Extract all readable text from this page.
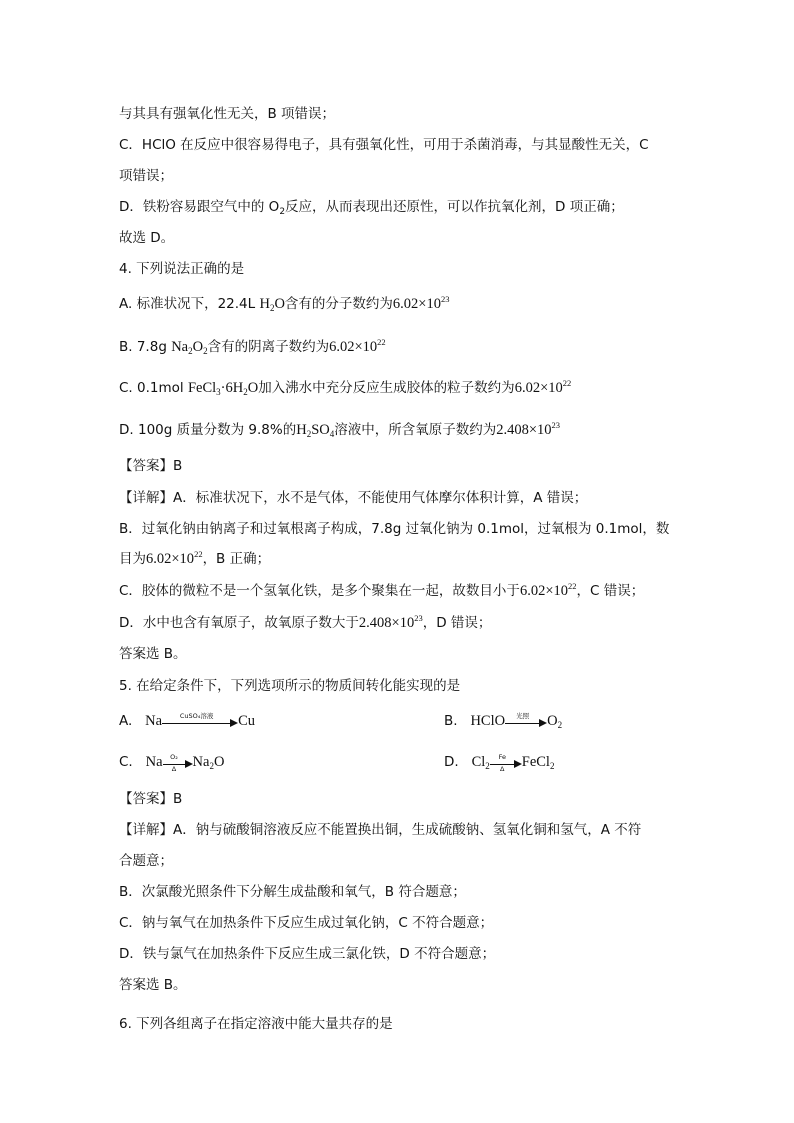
与其具有强氧化性无关，B 项错误；
C．HClO 在反应中很容易得电子，具有强氧化性，可用于杀菌消毒，与其显酸性无关，C
项错误；
D．铁粉容易跟空气中的 $O_2$反应，从而表现出还原性，可以作抗氧化剂，D 项正确；
故选 D。
4. 下列说法正确的是
A. 标准状况下，22.4L $H_2O$含有的分子数约为$6.02\times 10^{23}$
B. 7.8g $Na_2O_2$含有的阴离子数约为$6.02\times 10^{22}$
C. 0.1mol $FeCl_3\cdot 6H_2O$加入沸水中充分反应生成胶体的粒子数约为$6.02\times 10^{22}$
D. 100g 质量分数为 9.8%的$H_2SO_4$溶液中，所含氧原子数约为$2.408\times 10^{23}$
【答案】B
【详解】A．标准状况下，水不是气体，不能使用气体摩尔体积计算，A 错误；
B．过氧化钠由钠离子和过氧根离子构成，7.8g 过氧化钠为 0.1mol，过氧根为 0.1mol，数
目为$6.02\times 10^{22}$，B 正确；
C．胶体的微粒不是一个氢氧化铁，是多个聚集在一起，故数目小于$6.02\times 10^{22}$，C 错误；
D．水中也含有氧原子，故氧原子数大于$2.408\times 10^{23}$，D 错误；
答案选 B。
5. 在给定条件下，下列选项所示的物质间转化能实现的是
A. Na	CuSO₄溶液	Cu	B. HClO	光照	$O_2$
C. Na $\frac{\text{O₂}}{\Delta} Na_2O$	D. $Cl_2 \frac{Fe}{\Delta}$ FeCl$_2$
【答案】B
【详解】A．钠与硫酸铜溶液反应不能置换出铜，生成硫酸钠、氢氧化铜和氢气，A 不符
合题意；
B．次氯酸光照条件下分解生成盐酸和氧气，B 符合题意；
C．钠与氧气在加热条件下反应生成过氧化钠，C 不符合题意；
D．铁与氯气在加热条件下反应生成三氯化铁，D 不符合题意；
答案选 B。
6. 下列各组离子在指定溶液中能大量共存的是
